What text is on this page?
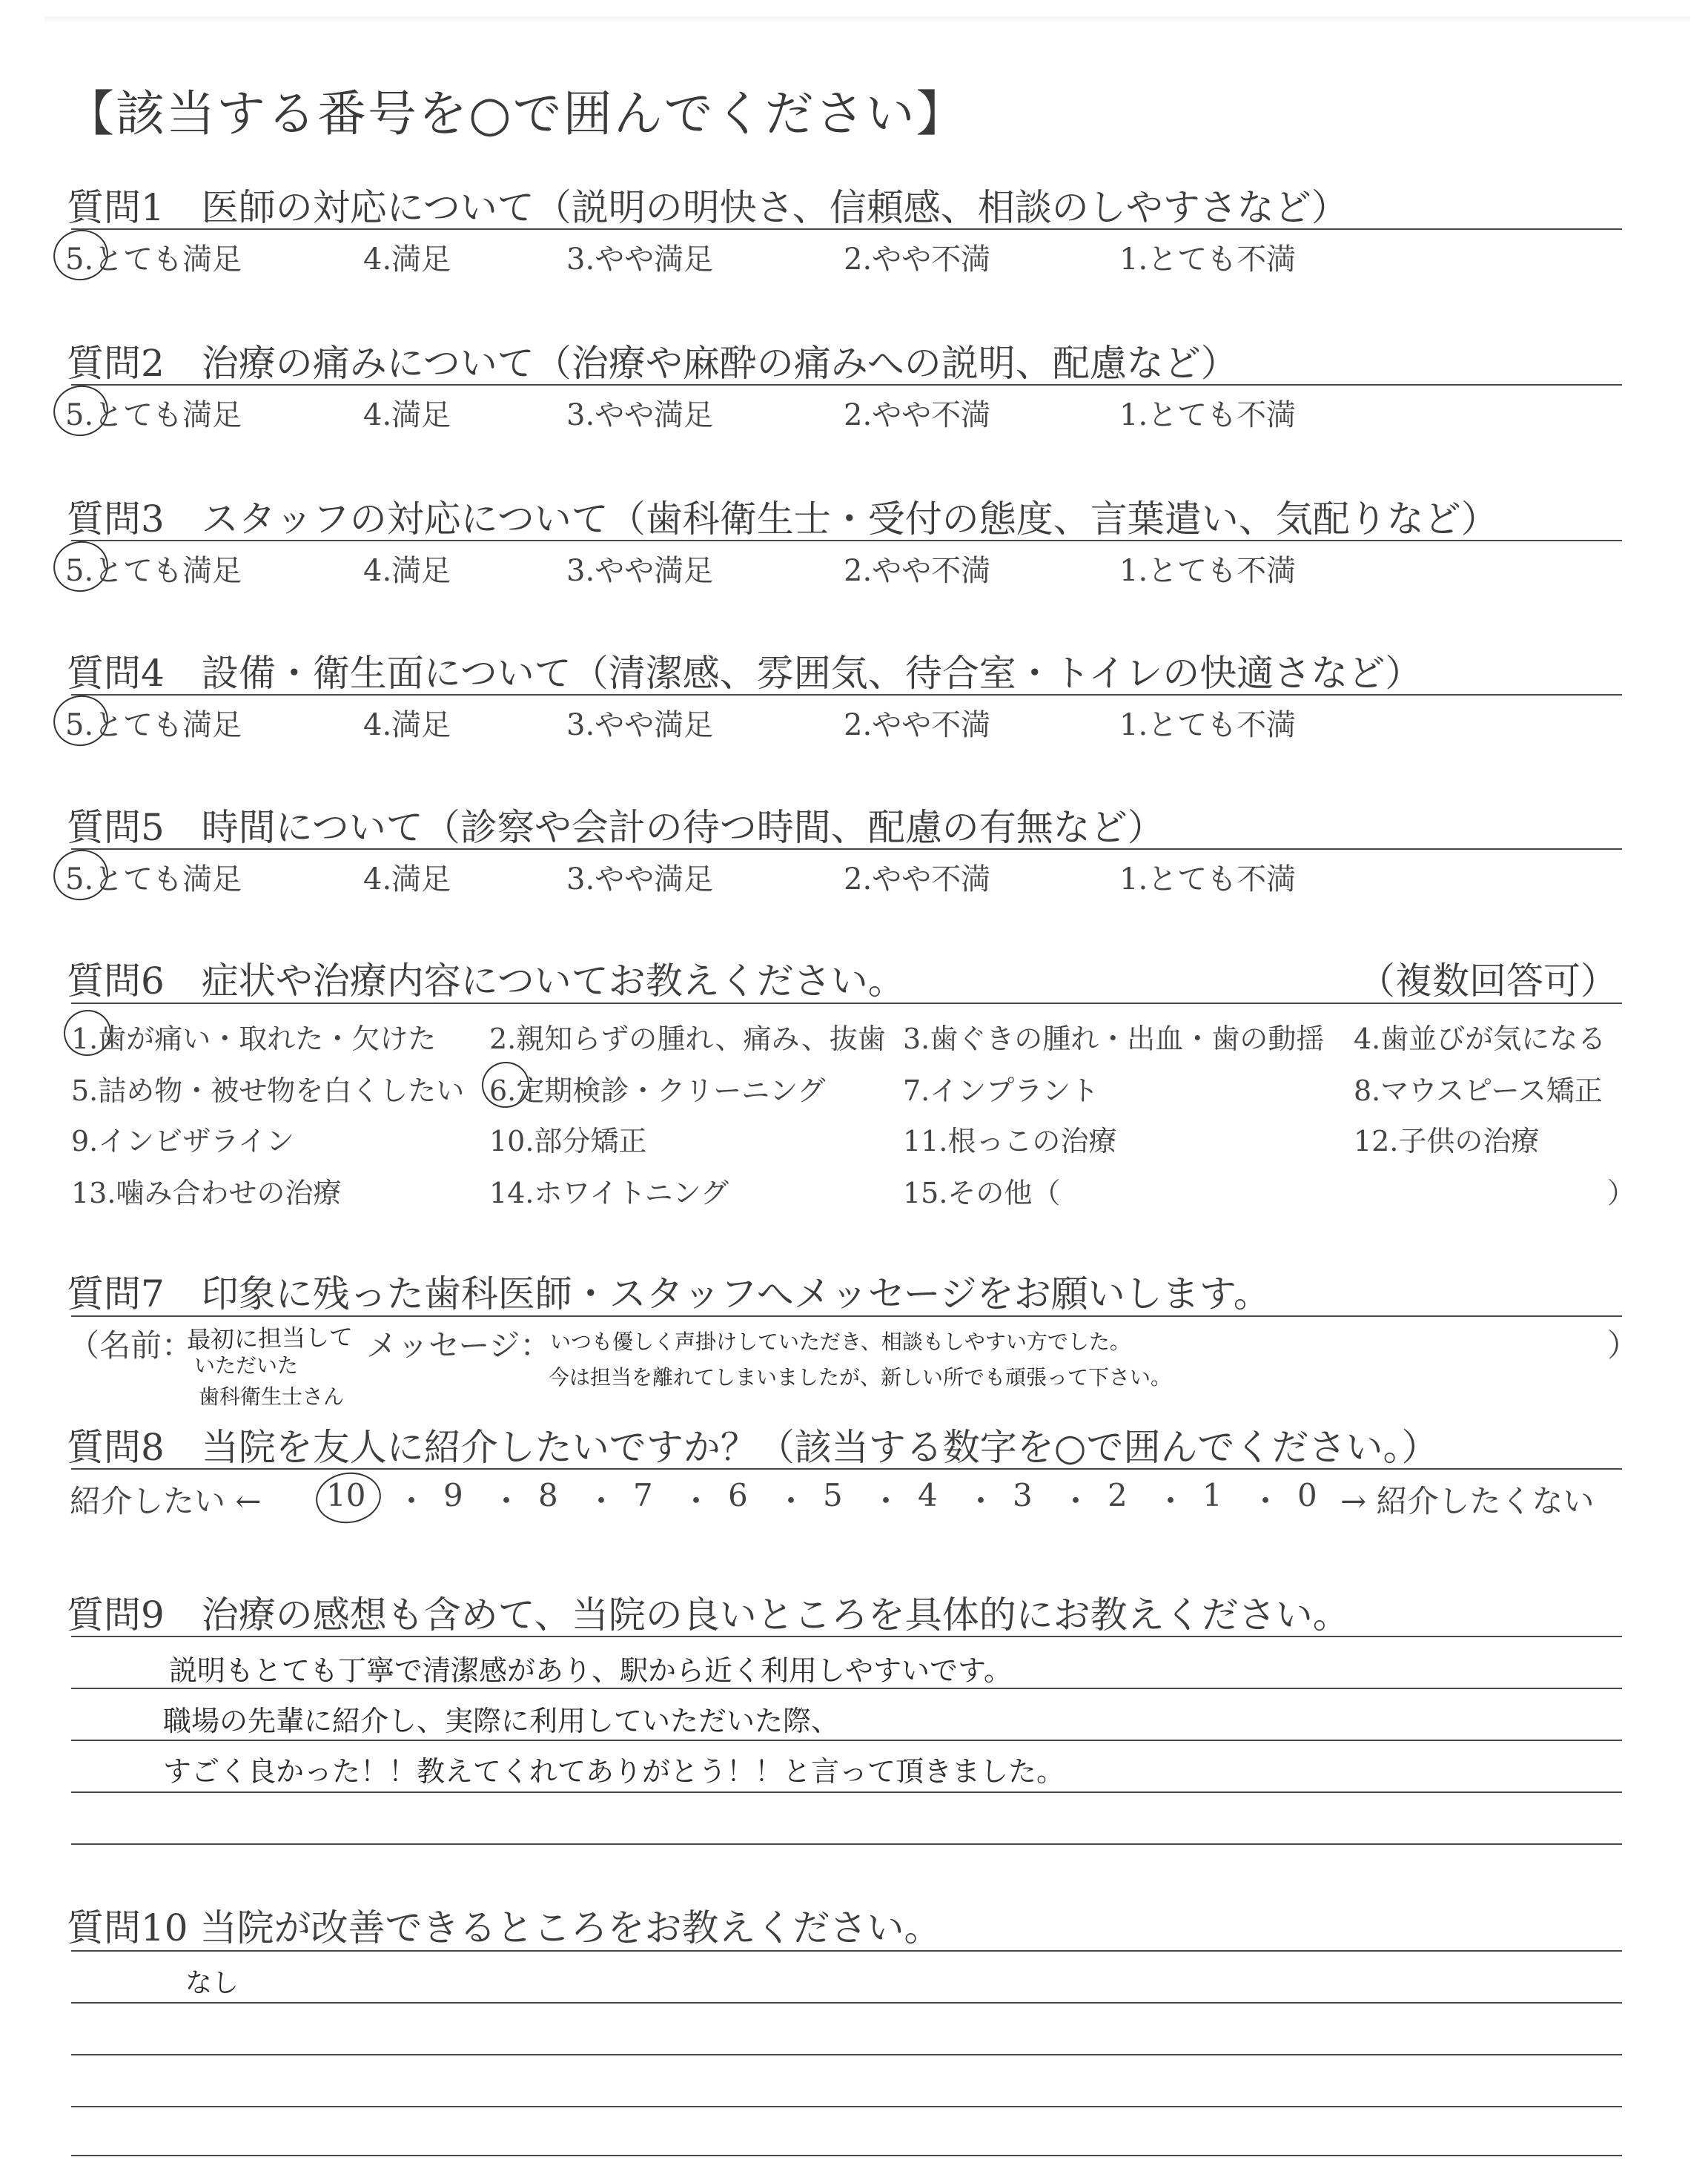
【該当する番号を○で囲んでください】
質問1　医師の対応について（説明の明快さ、信頼感、相談のしやすさなど）
5.とても満足	4.満足	3.やや満足	2.やや不満	1.とても不満
質問2　治療の痛みについて（治療や麻酔の痛みへの説明、配慮など）
5.とても満足	4.満足	3.やや満足	2.やや不満	1.とても不満
質問3　スタッフの対応について（歯科衛生士・受付の態度、言葉遣い、気配りなど）
5.とても満足	4.満足	3.やや満足	2.やや不満	1.とても不満
質問4　設備・衛生面について（清潔感、雰囲気、待合室・トイレの快適さなど）
5.とても満足	4.満足	3.やや満足	2.やや不満	1.とても不満
質問5　時間について（診察や会計の待つ時間、配慮の有無など）
5.とても満足	4.満足	3.やや満足	2.やや不満	1.とても不満
質問6　症状や治療内容についてお教えください。	（複数回答可）
1.歯が痛い・取れた・欠けた 2.親知らずの腫れ、痛み、抜歯 3.歯ぐきの腫れ・出血・歯の動揺 4.歯並びが気になる
5.詰め物・被せ物を白くしたい 6.定期検診・クリーニング	7.インプラント	8.マウスピース矯正
9.インビザライン	10.部分矯正	11.根っこの治療	12.子供の治療
13.噛み合わせの治療	14.ホワイトニング	15.その他（	）
質問7　印象に残った歯科医師・スタッフへメッセージをお願いします。
（名前：
最初に担当して
いただいた
歯科衛生士さん
メッセージ：
いつも優しく声掛けしていただき、相談もしやすい方でした。
今は担当を離れてしまいましたが、新しい所でも頑張って下さい。
）
質問8　当院を友人に紹介したいですか？（該当する数字を○で囲んでください。）
紹介したい ← 10 ・ 9 ・ 8 ・ 7 ・ 6 ・ 5 ・ 4 ・ 3 ・ 2 ・ 1 ・ 0 → 紹介したくない
質問9　治療の感想も含めて、当院の良いところを具体的にお教えください。
説明もとても丁寧で清潔感があり、駅から近く利用しやすいです。
職場の先輩に紹介し、実際に利用していただいた際、
すごく良かった！！教えてくれてありがとう！！と言って頂きました。
質問10 当院が改善できるところをお教えください。
なし
